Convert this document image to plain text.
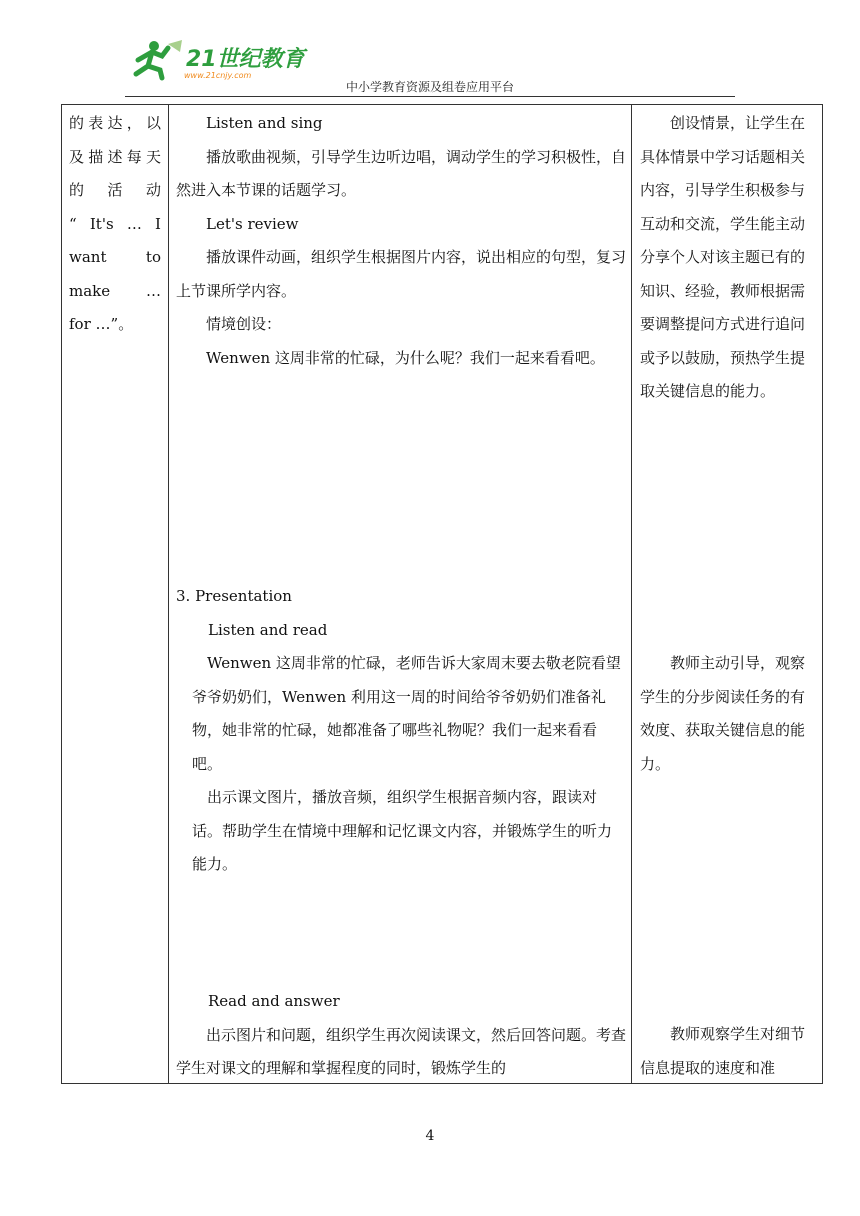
21世纪教育
www.21cnjy.com
中小学教育资源及组卷应用平台

的表达，以

及描述每天

的 活 动

“ It's … I

want to

make …

for …”。

Listen and sing

播放歌曲视频，引导学生边听边唱，调动学生的学习积极性，自然进入本节课的话题学习。

Let's review

播放课件动画，组织学生根据图片内容，说出相应的句型，复习上节课所学内容。

情境创设：

Wenwen 这周非常的忙碌，为什么呢？我们一起来看看吧。

3. Presentation

Listen and read

Wenwen 这周非常的忙碌，老师告诉大家周末要去敬老院看望爷爷奶奶们，Wenwen 利用这一周的时间给爷爷奶奶们准备礼物，她非常的忙碌，她都准备了哪些礼物呢？我们一起来看看吧。

出示课文图片，播放音频，组织学生根据音频内容，跟读对话。帮助学生在情境中理解和记忆课文内容，并锻炼学生的听力能力。

Read and answer

出示图片和问题，组织学生再次阅读课文，然后回答问题。考查学生对课文的理解和掌握程度的同时，锻炼学生的

创设情景，让学生在具体情景中学习话题相关内容，引导学生积极参与互动和交流，学生能主动分享个人对该主题已有的知识、经验，教师根据需要调整提问方式进行追问或予以鼓励，预热学生提取关键信息的能力。

教师主动引导，观察学生的分步阅读任务的有效度、获取关键信息的能力。

教师观察学生对细节信息提取的速度和准

4
